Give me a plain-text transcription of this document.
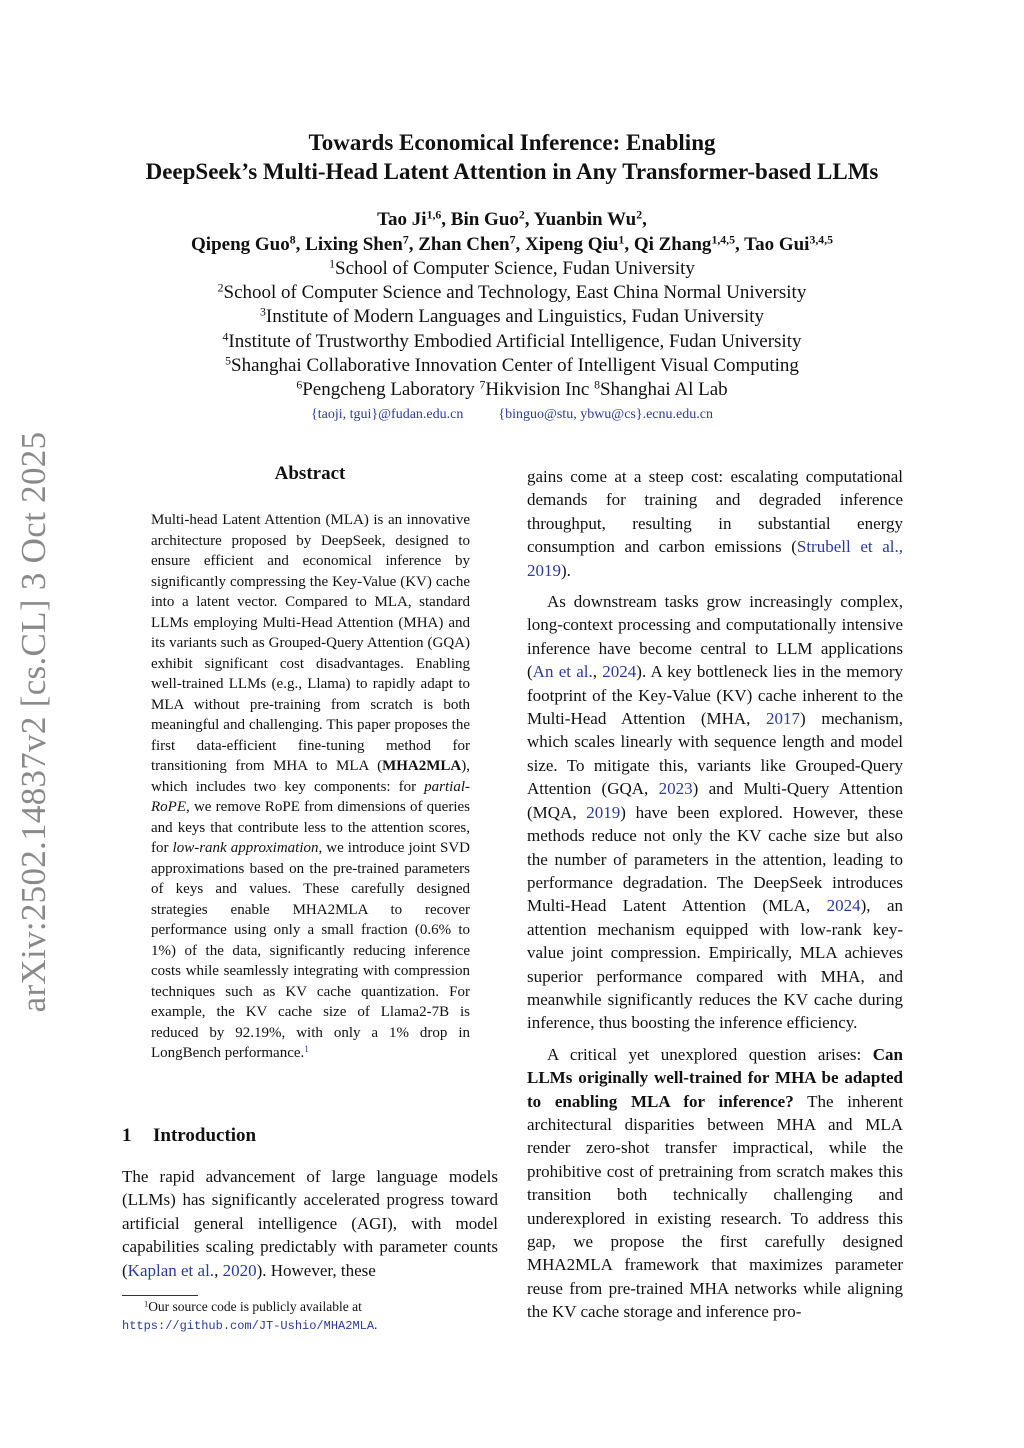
arXiv:2502.14837v2 [cs.CL] 3 Oct 2025
Towards Economical Inference: Enabling
DeepSeek’s Multi-Head Latent Attention in Any Transformer-based LLMs
Tao Ji$^{1,6}$, Bin Guo$^2$, Yuanbin Wu$^2$,
Qipeng Guo$^8$, Lixing Shen$^7$, Zhan Chen$^7$, Xipeng Qiu$^1$, Qi Zhang$^{1,4,5}$, Tao Gui$^{3,4,5}$
$^1$School of Computer Science, Fudan University
$^2$School of Computer Science and Technology, East China Normal University
$^3$Institute of Modern Languages and Linguistics, Fudan University
$^4$Institute of Trustworthy Embodied Artificial Intelligence, Fudan University
$^5$Shanghai Collaborative Innovation Center of Intelligent Visual Computing
$^6$Pengcheng Laboratory $^7$Hikvision Inc $^8$Shanghai Al Lab
{taoji, tgui}@fudan.edu.cn	{binguo@stu, ybwu@cs}.ecnu.edu.cn
Abstract
Multi-head Latent Attention (MLA) is an innovative architecture proposed by DeepSeek, designed to ensure efficient and economical inference by significantly compressing the Key-Value (KV) cache into a latent vector. Compared to MLA, standard LLMs employing Multi-Head Attention (MHA) and its variants such as Grouped-Query Attention (GQA) exhibit significant cost disadvantages. Enabling well-trained LLMs (e.g., Llama) to rapidly adapt to MLA without pre-training from scratch is both meaningful and challenging. This paper proposes the first data-efficient fine-tuning method for transitioning from MHA to MLA (MHA2MLA), which includes two key components: for partial-RoPE, we remove RoPE from dimensions of queries and keys that contribute less to the attention scores, for low-rank approximation, we introduce joint SVD approximations based on the pre-trained parameters of keys and values. These carefully designed strategies enable MHA2MLA to recover performance using only a small fraction (0.6% to 1%) of the data, significantly reducing inference costs while seamlessly integrating with compression techniques such as KV cache quantization. For example, the KV cache size of Llama2-7B is reduced by 92.19%, with only a 1% drop in LongBench performance.$^1$
1 Introduction
The rapid advancement of large language models (LLMs) has significantly accelerated progress toward artificial general intelligence (AGI), with model capabilities scaling predictably with parameter counts (Kaplan et al., 2020). However, these
$^1$Our source code is publicly available at https://github.com/JT-Ushio/MHA2MLA.

gains come at a steep cost: escalating computational demands for training and degraded inference throughput, resulting in substantial energy consumption and carbon emissions (Strubell et al., 2019).

As downstream tasks grow increasingly complex, long-context processing and computationally intensive inference have become central to LLM applications (An et al., 2024). A key bottleneck lies in the memory footprint of the Key-Value (KV) cache inherent to the Multi-Head Attention (MHA, 2017) mechanism, which scales linearly with sequence length and model size. To mitigate this, variants like Grouped-Query Attention (GQA, 2023) and Multi-Query Attention (MQA, 2019) have been explored. However, these methods reduce not only the KV cache size but also the number of parameters in the attention, leading to performance degradation. The DeepSeek introduces Multi-Head Latent Attention (MLA, 2024), an attention mechanism equipped with low-rank key-value joint compression. Empirically, MLA achieves superior performance compared with MHA, and meanwhile significantly reduces the KV cache during inference, thus boosting the inference efficiency.

A critical yet unexplored question arises: Can LLMs originally well-trained for MHA be adapted to enabling MLA for inference? The inherent architectural disparities between MHA and MLA render zero-shot transfer impractical, while the prohibitive cost of pretraining from scratch makes this transition both technically challenging and underexplored in existing research. To address this gap, we propose the first carefully designed MHA2MLA framework that maximizes parameter reuse from pre-trained MHA networks while aligning the KV cache storage and inference pro-
